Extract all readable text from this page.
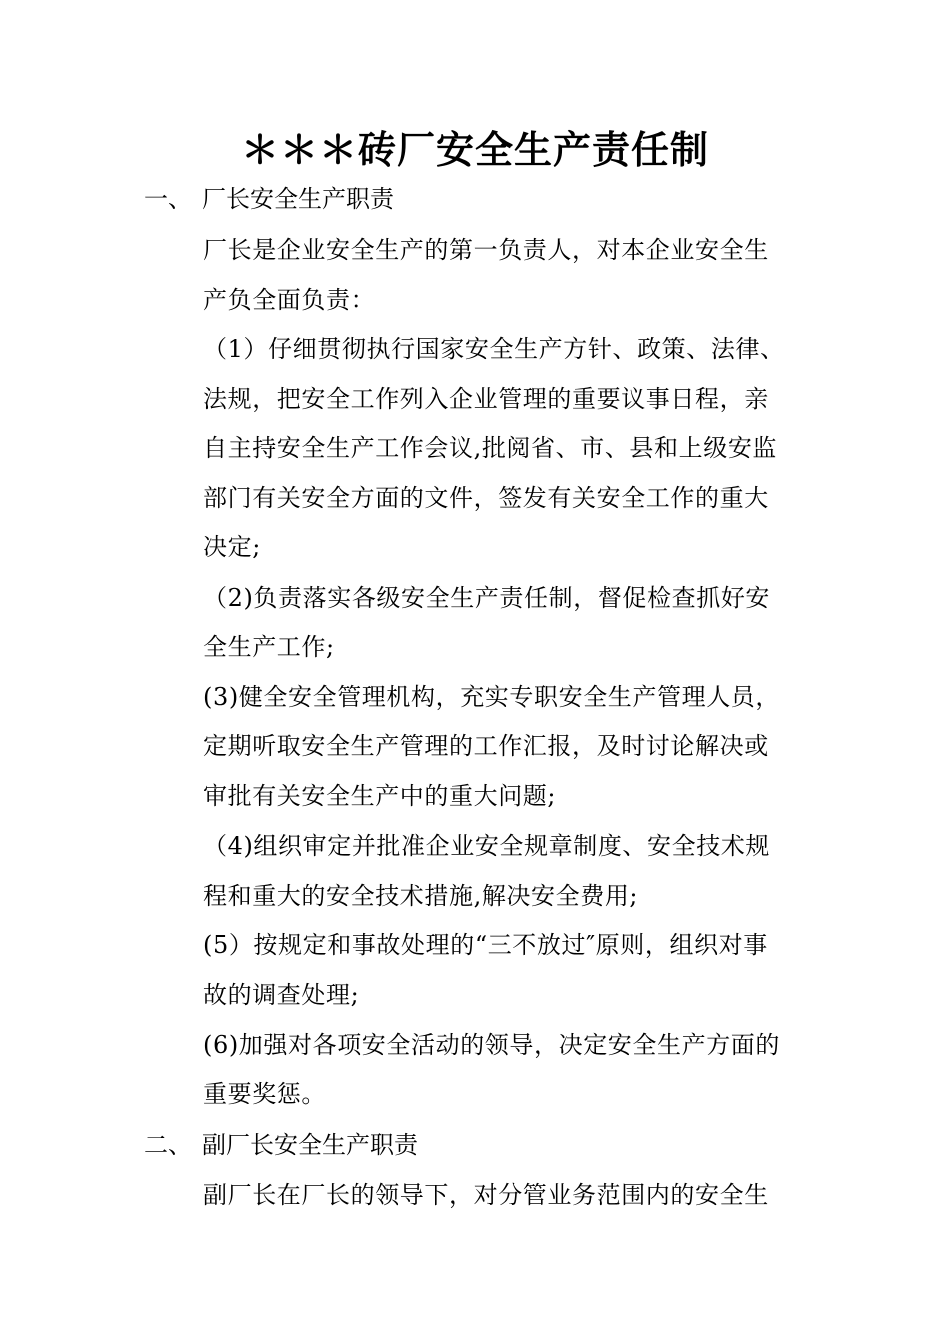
＊＊＊砖厂安全生产责任制
一、 厂长安全生产职责
厂长是企业安全生产的第一负责人，对本企业安全生
产负全面负责：
（1）仔细贯彻执行国家安全生产方针、政策、法律、
法规，把安全工作列入企业管理的重要议事日程，亲
自主持安全生产工作会议,批阅省、市、县和上级安监
部门有关安全方面的文件，签发有关安全工作的重大
决定;
（2)负责落实各级安全生产责任制，督促检查抓好安
全生产工作;
(3)健全安全管理机构，充实专职安全生产管理人员，
定期听取安全生产管理的工作汇报，及时讨论解决或
审批有关安全生产中的重大问题;
（4)组织审定并批准企业安全规章制度、安全技术规
程和重大的安全技术措施,解决安全费用;
(5）按规定和事故处理的“三不放过″原则，组织对事
故的调查处理;
(6)加强对各项安全活动的领导，决定安全生产方面的
重要奖惩。
二、 副厂长安全生产职责
副厂长在厂长的领导下，对分管业务范围内的安全生
